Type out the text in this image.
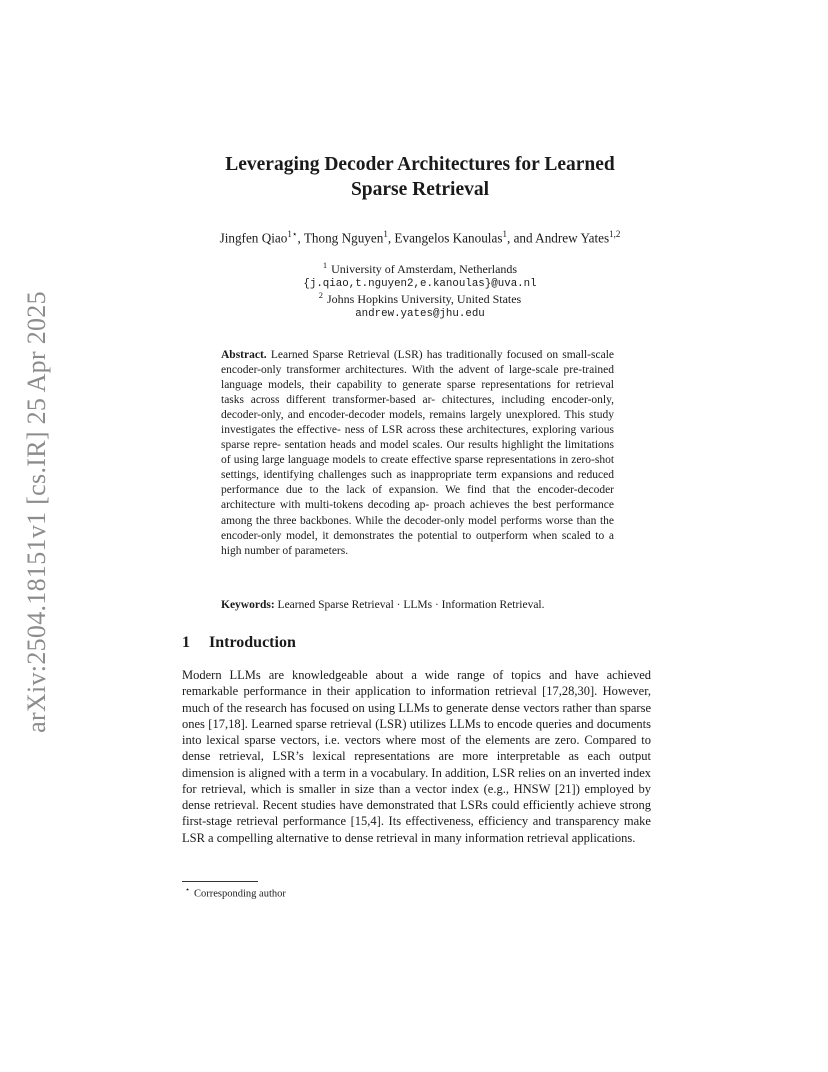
arXiv:2504.18151v1 [cs.IR] 25 Apr 2025
Leveraging Decoder Architectures for Learned
Sparse Retrieval
Jingfen Qiao$^{1⋆}$, Thong Nguyen$^1$, Evangelos Kanoulas$^1$, and Andrew Yates$^{1,2}$
$^1$ University of Amsterdam, Netherlands
{j.qiao,t.nguyen2,e.kanoulas}@uva.nl
$^2$ Johns Hopkins University, United States
andrew.yates@jhu.edu

Abstract. Learned Sparse Retrieval (LSR) has traditionally focused on small-scale encoder-only transformer architectures. With the advent of large-scale pre-trained language models, their capability to generate sparse representations for retrieval tasks across different transformer-based ar- chitectures, including encoder-only, decoder-only, and encoder-decoder models, remains largely unexplored. This study investigates the effective- ness of LSR across these architectures, exploring various sparse repre- sentation heads and model scales. Our results highlight the limitations of using large language models to create effective sparse representations in zero-shot settings, identifying challenges such as inappropriate term expansions and reduced performance due to the lack of expansion. We find that the encoder-decoder architecture with multi-tokens decoding ap- proach achieves the best performance among the three backbones. While the decoder-only model performs worse than the encoder-only model, it demonstrates the potential to outperform when scaled to a high number of parameters.

Keywords: Learned Sparse Retrieval · LLMs · Information Retrieval.

1 Introduction

Modern LLMs are knowledgeable about a wide range of topics and have achieved remarkable performance in their application to information retrieval [17,28,30]. However, much of the research has focused on using LLMs to generate dense vectors rather than sparse ones [17,18]. Learned sparse retrieval (LSR) utilizes LLMs to encode queries and documents into lexical sparse vectors, i.e. vectors where most of the elements are zero. Compared to dense retrieval, LSR’s lexical representations are more interpretable as each output dimension is aligned with a term in a vocabulary. In addition, LSR relies on an inverted index for retrieval, which is smaller in size than a vector index (e.g., HNSW [21]) employed by dense retrieval. Recent studies have demonstrated that LSRs could efficiently achieve strong first-stage retrieval performance [15,4]. Its effectiveness, efficiency and transparency make LSR a compelling alternative to dense retrieval in many information retrieval applications.

⋆ Corresponding author
